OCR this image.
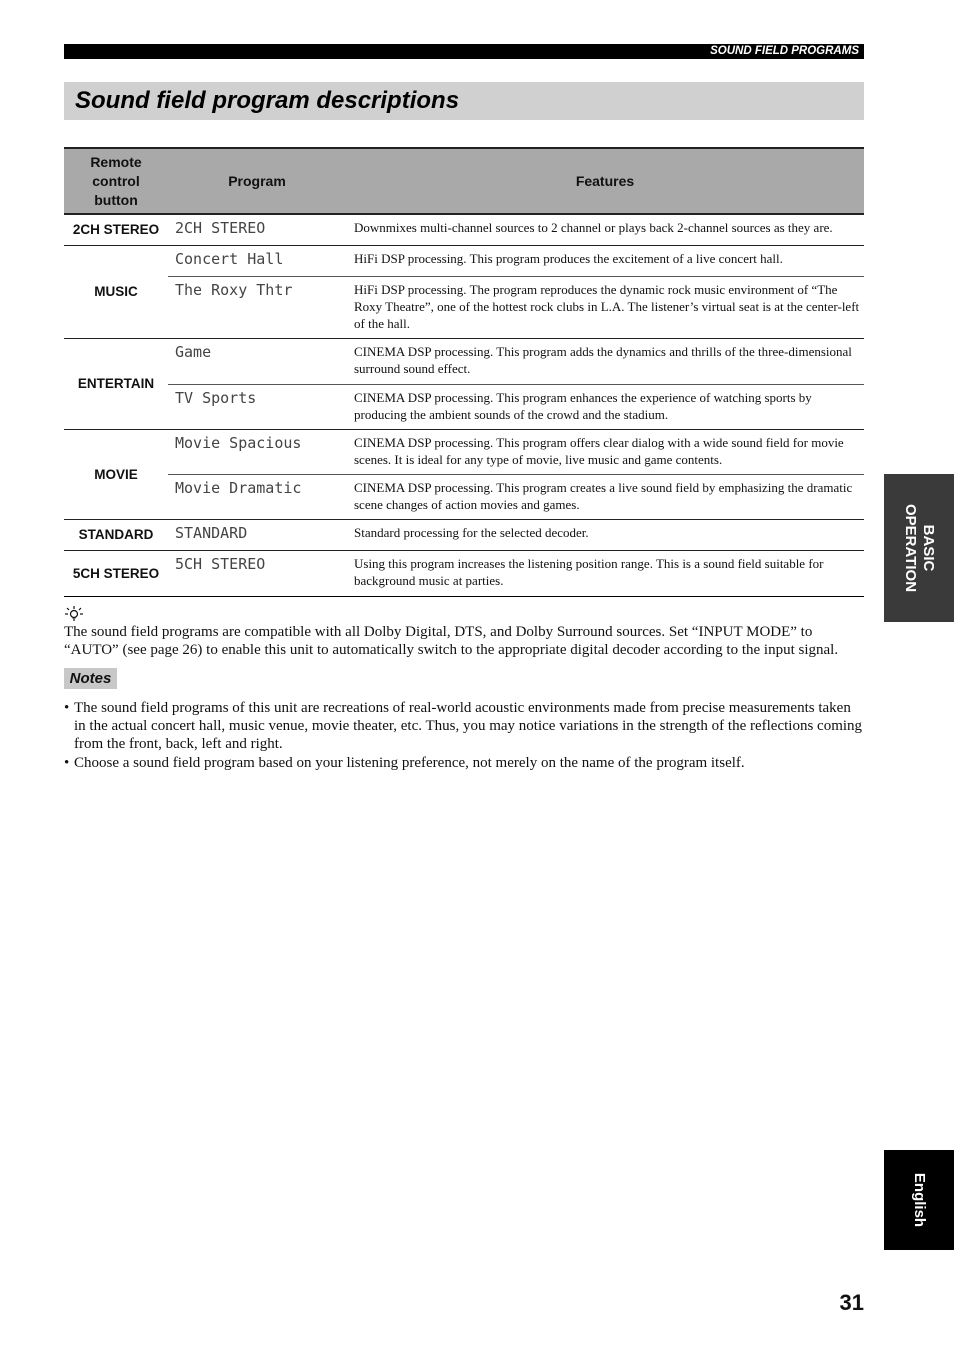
SOUND FIELD PROGRAMS
Sound field program descriptions
Remote control button	Program	Features
2CH STEREO	2CH STEREO	Downmixes multi-channel sources to 2 channel or plays back 2-channel sources as they are.
MUSIC	Concert Hall	HiFi DSP processing. This program produces the excitement of a live concert hall.
	The Roxy Thtr	HiFi DSP processing. The program reproduces the dynamic rock music environment of “The Roxy Theatre”, one of the hottest rock clubs in L.A. The listener’s virtual seat is at the center-left of the hall.
ENTERTAIN	Game	CINEMA DSP processing. This program adds the dynamics and thrills of the three-dimensional surround sound effect.
	TV Sports	CINEMA DSP processing. This program enhances the experience of watching sports by producing the ambient sounds of the crowd and the stadium.
MOVIE	Movie Spacious	CINEMA DSP processing. This program offers clear dialog with a wide sound field for movie scenes. It is ideal for any type of movie, live music and game contents.
	Movie Dramatic	CINEMA DSP processing. This program creates a live sound field by emphasizing the dramatic scene changes of action movies and games.
STANDARD	STANDARD	Standard processing for the selected decoder.
5CH STEREO	5CH STEREO	Using this program increases the listening position range. This is a sound field suitable for background music at parties.

The sound field programs are compatible with all Dolby Digital, DTS, and Dolby Surround sources. Set “INPUT MODE” to “AUTO” (see page 26) to enable this unit to automatically switch to the appropriate digital decoder according to the input signal.

Notes
• The sound field programs of this unit are recreations of real-world acoustic environments made from precise measurements taken in the actual concert hall, music venue, movie theater, etc. Thus, you may notice variations in the strength of the reflections coming from the front, back, left and right.
• Choose a sound field program based on your listening preference, not merely on the name of the program itself.
BASIC
OPERATION
English
31
